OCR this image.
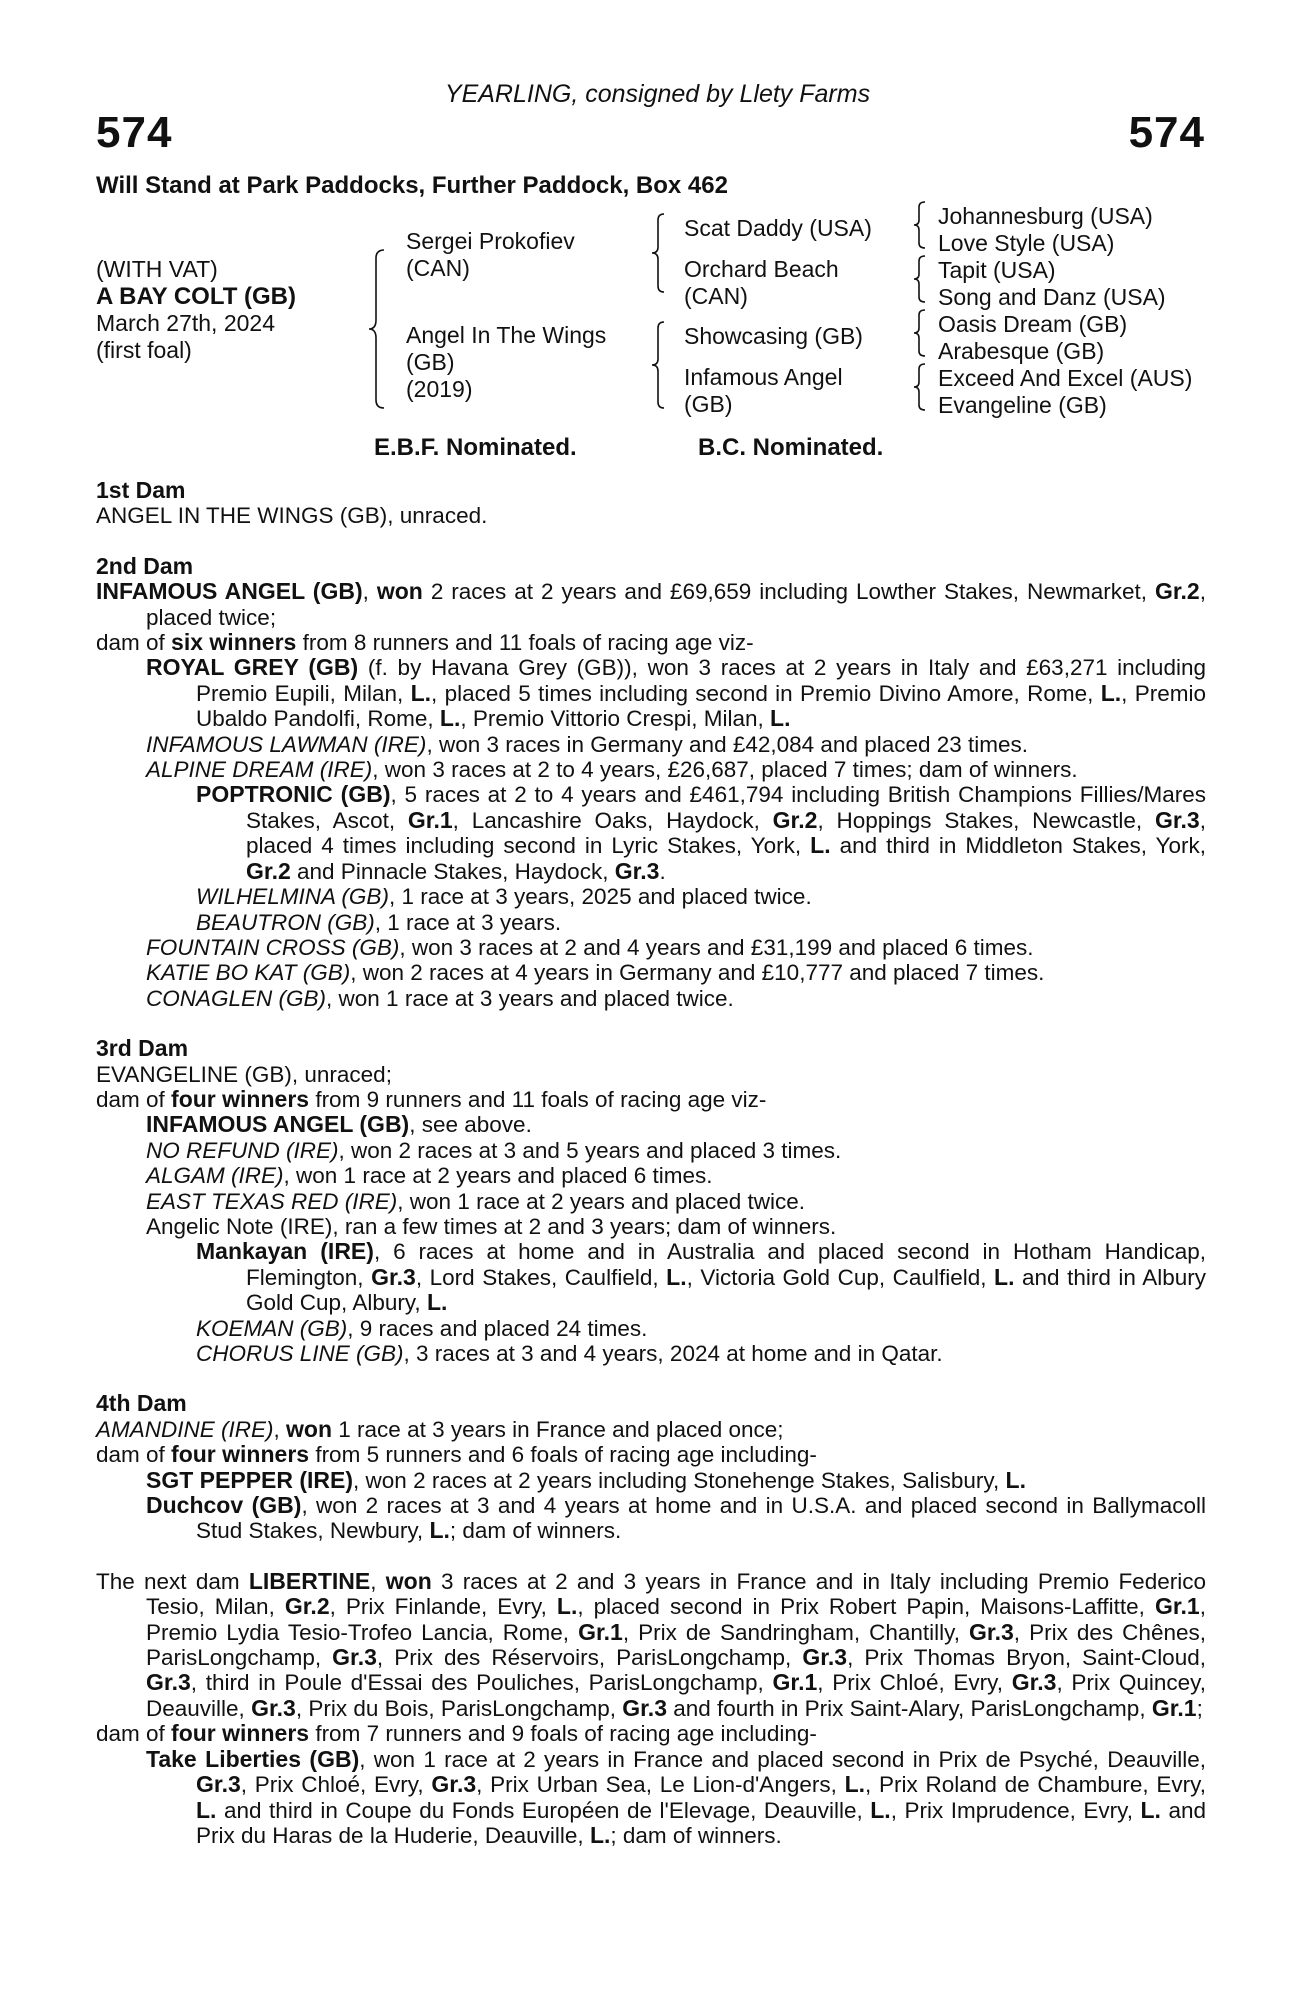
YEARLING, consigned by Llety Farms
574	574
Will Stand at Park Paddocks, Further Paddock, Box 462
(WITH VAT)
A BAY COLT (GB)
March 27th, 2024
(first foal)
Sergei Prokofiev
(CAN)
Angel In The Wings
(GB)
(2019)
Scat Daddy (USA)
Orchard Beach
(CAN)
Showcasing (GB)
Infamous Angel
(GB)
Johannesburg (USA)
Love Style (USA)
Tapit (USA)
Song and Danz (USA)
Oasis Dream (GB)
Arabesque (GB)
Exceed And Excel (AUS)
Evangeline (GB)
E.B.F. Nominated.	B.C. Nominated.

1st Dam

ANGEL IN THE WINGS (GB), unraced.

2nd Dam

INFAMOUS ANGEL (GB), won 2 races at 2 years and £69,659 including Lowther Stakes, Newmarket, Gr.2, placed twice;

dam of six winners from 8 runners and 11 foals of racing age viz-

ROYAL GREY (GB) (f. by Havana Grey (GB)), won 3 races at 2 years in Italy and £63,271 including Premio Eupili, Milan, L., placed 5 times including second in Premio Divino Amore, Rome, L., Premio Ubaldo Pandolfi, Rome, L., Premio Vittorio Crespi, Milan, L.

INFAMOUS LAWMAN (IRE), won 3 races in Germany and £42,084 and placed 23 times.

ALPINE DREAM (IRE), won 3 races at 2 to 4 years, £26,687, placed 7 times; dam of winners.

POPTRONIC (GB), 5 races at 2 to 4 years and £461,794 including British Champions Fillies/Mares Stakes, Ascot, Gr.1, Lancashire Oaks, Haydock, Gr.2, Hoppings Stakes, Newcastle, Gr.3, placed 4 times including second in Lyric Stakes, York, L. and third in Middleton Stakes, York, Gr.2 and Pinnacle Stakes, Haydock, Gr.3.

WILHELMINA (GB), 1 race at 3 years, 2025 and placed twice.

BEAUTRON (GB), 1 race at 3 years.

FOUNTAIN CROSS (GB), won 3 races at 2 and 4 years and £31,199 and placed 6 times.

KATIE BO KAT (GB), won 2 races at 4 years in Germany and £10,777 and placed 7 times.

CONAGLEN (GB), won 1 race at 3 years and placed twice.

3rd Dam

EVANGELINE (GB), unraced;

dam of four winners from 9 runners and 11 foals of racing age viz-

INFAMOUS ANGEL (GB), see above.

NO REFUND (IRE), won 2 races at 3 and 5 years and placed 3 times.

ALGAM (IRE), won 1 race at 2 years and placed 6 times.

EAST TEXAS RED (IRE), won 1 race at 2 years and placed twice.

Angelic Note (IRE), ran a few times at 2 and 3 years; dam of winners.

Mankayan (IRE), 6 races at home and in Australia and placed second in Hotham Handicap, Flemington, Gr.3, Lord Stakes, Caulfield, L., Victoria Gold Cup, Caulfield, L. and third in Albury Gold Cup, Albury, L.

KOEMAN (GB), 9 races and placed 24 times.

CHORUS LINE (GB), 3 races at 3 and 4 years, 2024 at home and in Qatar.

4th Dam

AMANDINE (IRE), won 1 race at 3 years in France and placed once;

dam of four winners from 5 runners and 6 foals of racing age including-

SGT PEPPER (IRE), won 2 races at 2 years including Stonehenge Stakes, Salisbury, L.

Duchcov (GB), won 2 races at 3 and 4 years at home and in U.S.A. and placed second in Ballymacoll Stud Stakes, Newbury, L.; dam of winners.

The next dam LIBERTINE, won 3 races at 2 and 3 years in France and in Italy including Premio Federico Tesio, Milan, Gr.2, Prix Finlande, Evry, L., placed second in Prix Robert Papin, Maisons-Laffitte, Gr.1, Premio Lydia Tesio-Trofeo Lancia, Rome, Gr.1, Prix de Sandringham, Chantilly, Gr.3, Prix des Chênes, ParisLongchamp, Gr.3, Prix des Réservoirs, ParisLongchamp, Gr.3, Prix Thomas Bryon, Saint-Cloud, Gr.3, third in Poule d'Essai des Pouliches, ParisLongchamp, Gr.1, Prix Chloé, Evry, Gr.3, Prix Quincey, Deauville, Gr.3, Prix du Bois, ParisLongchamp, Gr.3 and fourth in Prix Saint-Alary, ParisLongchamp, Gr.1;

dam of four winners from 7 runners and 9 foals of racing age including-

Take Liberties (GB), won 1 race at 2 years in France and placed second in Prix de Psyché, Deauville, Gr.3, Prix Chloé, Evry, Gr.3, Prix Urban Sea, Le Lion-d'Angers, L., Prix Roland de Chambure, Evry, L. and third in Coupe du Fonds Européen de l'Elevage, Deauville, L., Prix Imprudence, Evry, L. and Prix du Haras de la Huderie, Deauville, L.; dam of winners.
